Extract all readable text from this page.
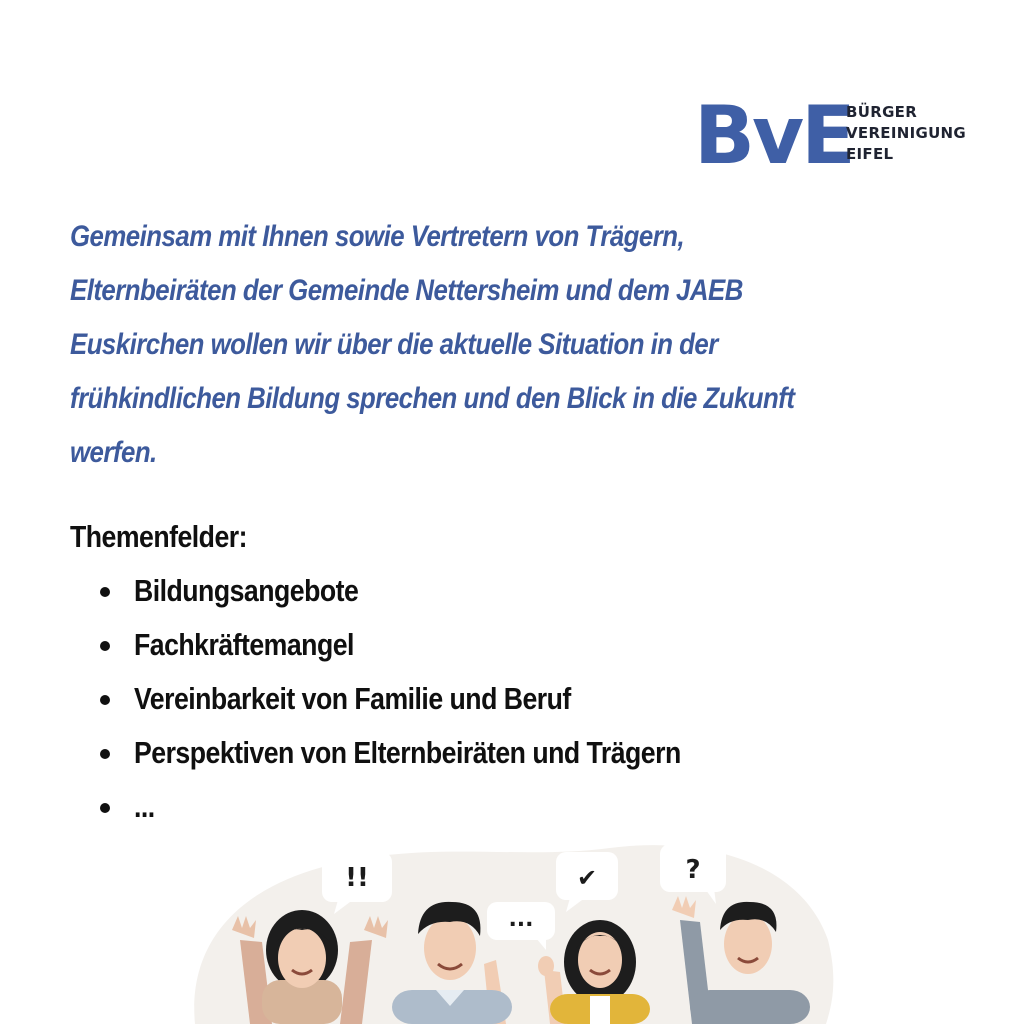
BvE
BÜRGER
VEREINIGUNG
EIFEL

Gemeinsam mit Ihnen sowie Vertretern von Trägern,
Elternbeiräten der Gemeinde Nettersheim und dem JAEB
Euskirchen wollen wir über die aktuelle Situation in der
frühkindlichen Bildung sprechen und den Blick in die Zukunft
werfen.

Themenfelder:
Bildungsangebote
Fachkräftemangel
Vereinbarkeit von Familie und Beruf
Perspektiven von Elternbeiräten und Trägern
...
!!
...
✔	?
